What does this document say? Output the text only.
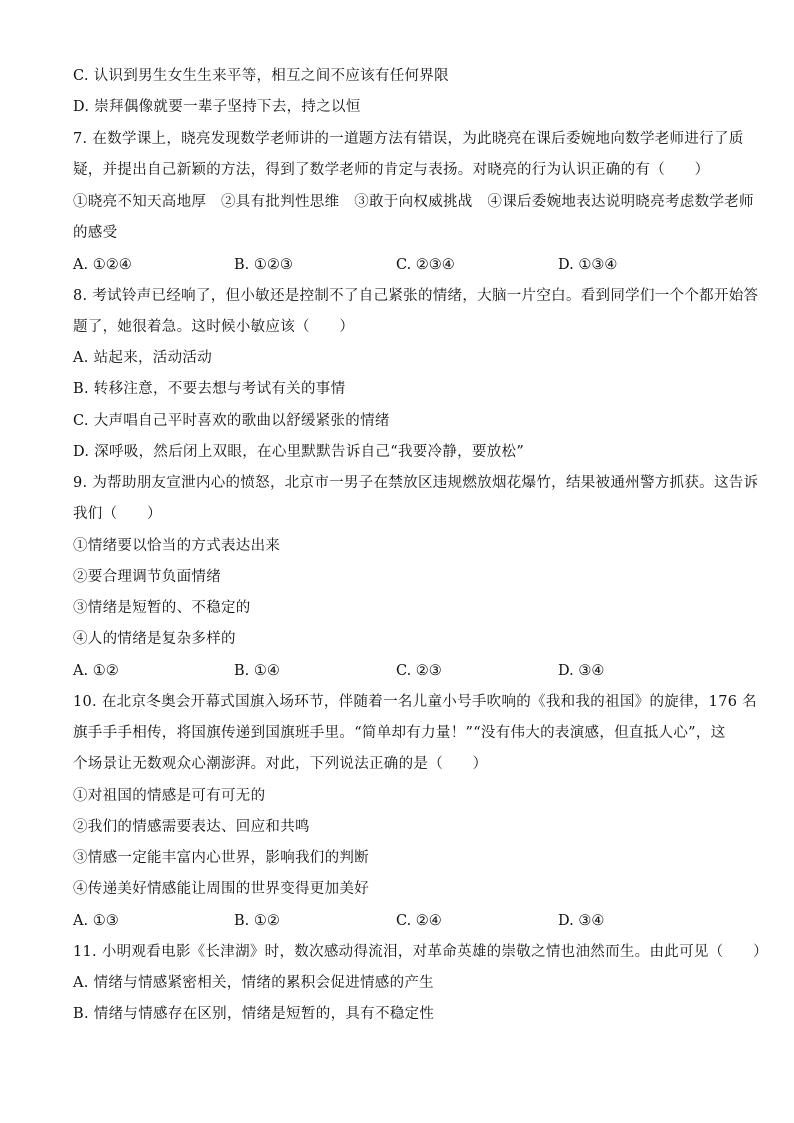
C. 认识到男生女生生来平等，相互之间不应该有任何界限
D. 崇拜偶像就要一辈子坚持下去，持之以恒
7. 在数学课上，晓亮发现数学老师讲的一道题方法有错误，为此晓亮在课后委婉地向数学老师进行了质
疑，并提出自己新颖的方法，得到了数学老师的肯定与表扬。对晓亮的行为认识正确的有（　　）
①晓亮不知天高地厚　②具有批判性思维　③敢于向权威挑战　④课后委婉地表达说明晓亮考虑数学老师
的感受
A. ①②④	B. ①②③	C. ②③④	D. ①③④
8. 考试铃声已经响了，但小敏还是控制不了自己紧张的情绪，大脑一片空白。看到同学们一个个都开始答
题了，她很着急。这时候小敏应该（　　）
A. 站起来，活动活动
B. 转移注意，不要去想与考试有关的事情
C. 大声唱自己平时喜欢的歌曲以舒缓紧张的情绪
D. 深呼吸，然后闭上双眼，在心里默默告诉自己“我要冷静，要放松”
9. 为帮助朋友宣泄内心的愤怒，北京市一男子在禁放区违规燃放烟花爆竹，结果被通州警方抓获。这告诉
我们（　　）
①情绪要以恰当的方式表达出来
②要合理调节负面情绪
③情绪是短暂的、不稳定的
④人的情绪是复杂多样的
A. ①②	B. ①④	C. ②③	D. ③④
10. 在北京冬奥会开幕式国旗入场环节，伴随着一名儿童小号手吹响的《我和我的祖国》的旋律，176 名
旗手手手相传，将国旗传递到国旗班手里。“简单却有力量！”“没有伟大的表演感，但直抵人心”，这
个场景让无数观众心潮澎湃。对此，下列说法正确的是（　　）
①对祖国的情感是可有可无的
②我们的情感需要表达、回应和共鸣
③情感一定能丰富内心世界，影响我们的判断
④传递美好情感能让周围的世界变得更加美好
A. ①③	B. ①②	C. ②④	D. ③④
11. 小明观看电影《长津湖》时，数次感动得流泪，对革命英雄的崇敬之情也油然而生。由此可见（　　）
A. 情绪与情感紧密相关，情绪的累积会促进情感的产生
B. 情绪与情感存在区别，情绪是短暂的，具有不稳定性
